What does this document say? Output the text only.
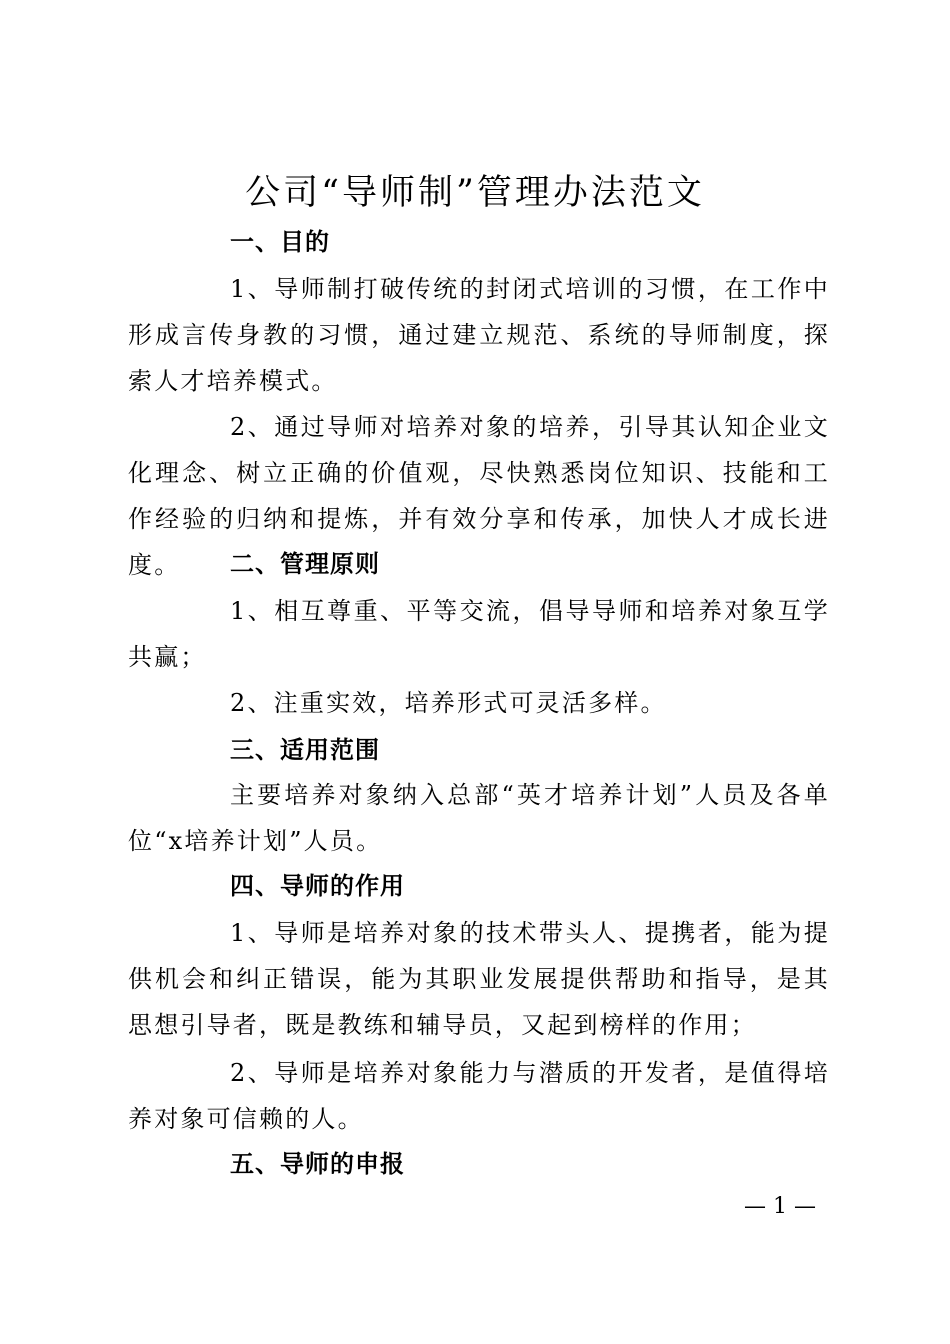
公司“导师制”管理办法范文
一、目的
1、导师制打破传统的封闭式培训的习惯，在工作中形成言传身教的习惯，通过建立规范、系统的导师制度，探索人才培养模式。
2、通过导师对培养对象的培养，引导其认知企业文化理念、树立正确的价值观，尽快熟悉岗位知识、技能和工作经验的归纳和提炼，并有效分享和传承，加快人才成长进度。	二、管理原则
1、相互尊重、平等交流，倡导导师和培养对象互学共赢；
2、注重实效，培养形式可灵活多样。
三、适用范围
主要培养对象纳入总部“英才培养计划”人员及各单位“x培养计划”人员。
四、导师的作用
1、导师是培养对象的技术带头人、提携者，能为提供机会和纠正错误，能为其职业发展提供帮助和指导，是其思想引导者，既是教练和辅导员，又起到榜样的作用；
2、导师是培养对象能力与潜质的开发者，是值得培养对象可信赖的人。
五、导师的申报
— 1 —
